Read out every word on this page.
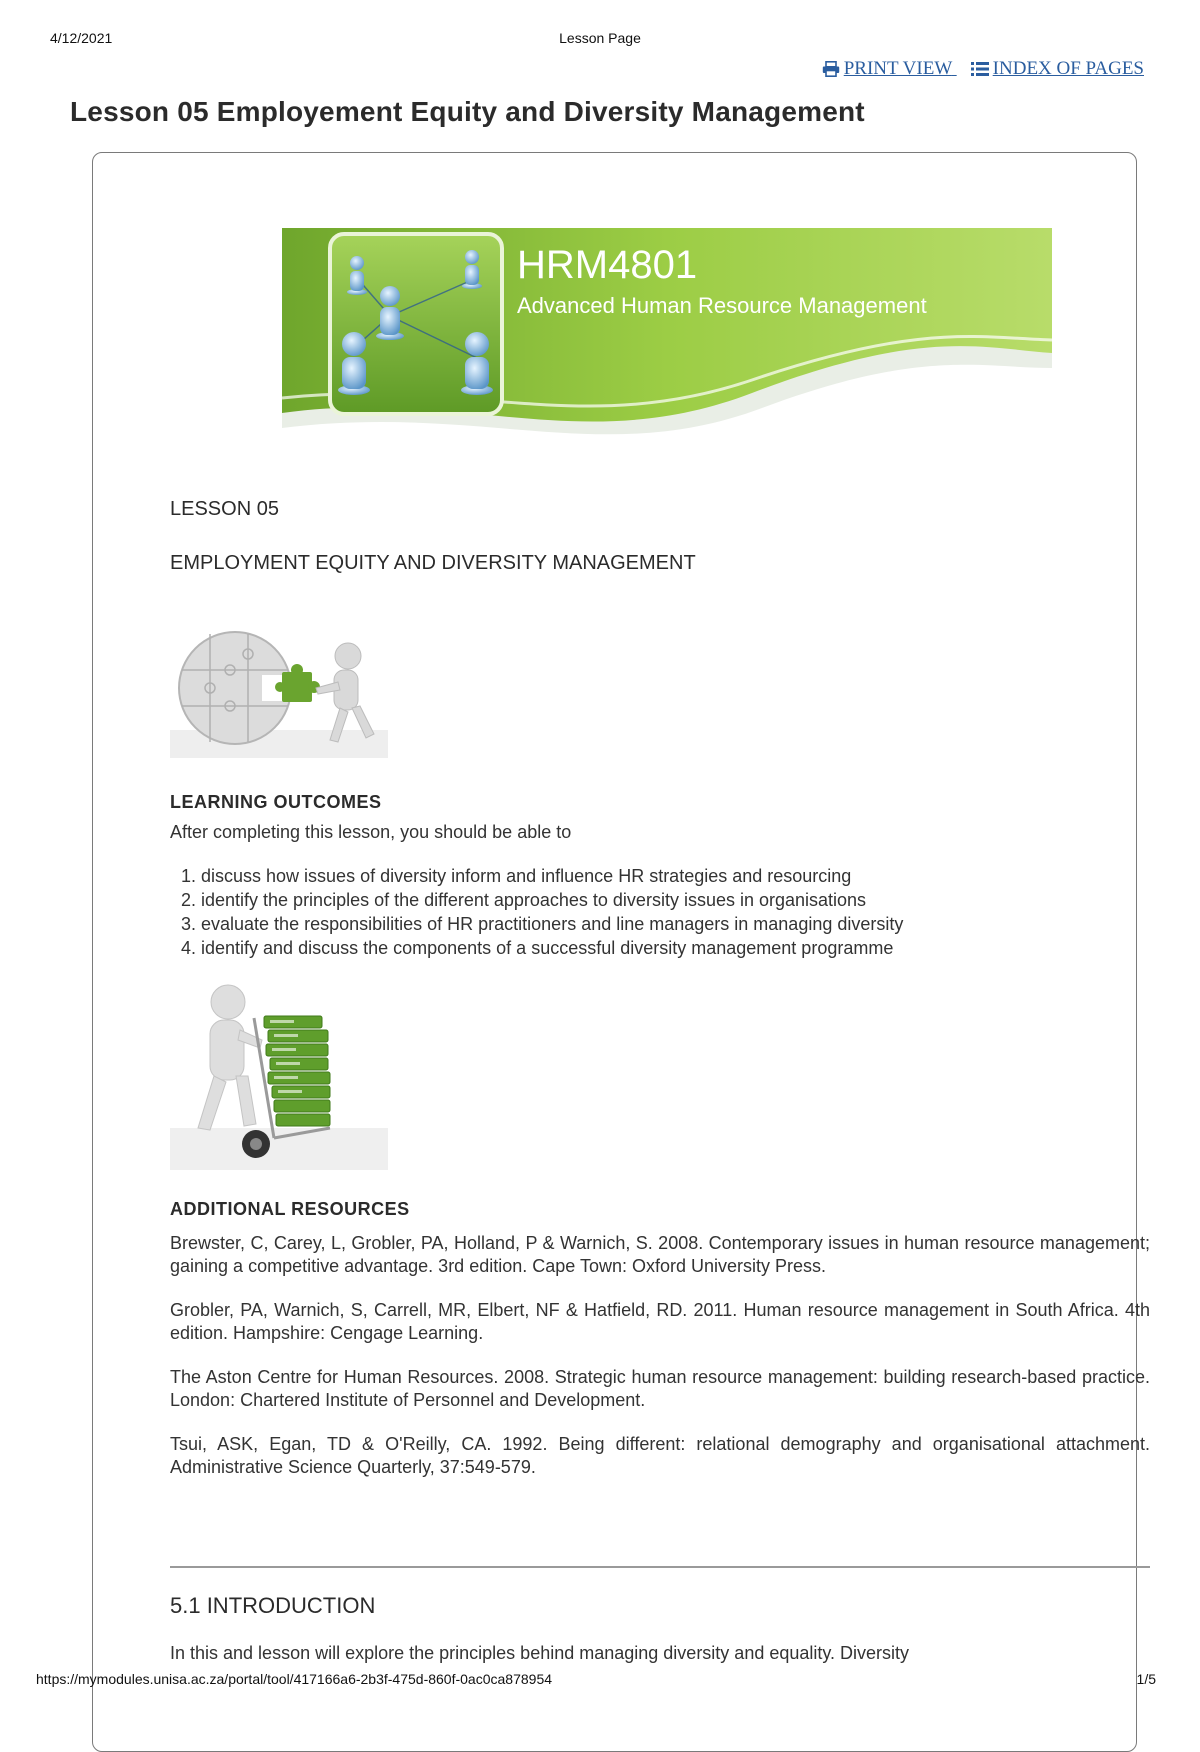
4/12/2021	Lesson Page
PRINT VIEW INDEX OF PAGES
Lesson 05 Employement Equity and Diversity Management
HRM4801
Advanced Human Resource Management
LESSON 05
EMPLOYMENT EQUITY AND DIVERSITY MANAGEMENT
LEARNING OUTCOMES

After completing this lesson, you should be able to

1. discuss how issues of diversity inform and influence HR strategies and resourcing
2. identify the principles of the different approaches to diversity issues in organisations
3. evaluate the responsibilities of HR practitioners and line managers in managing diversity
4. identify and discuss the components of a successful diversity management programme
ADDITIONAL RESOURCES

Brewster, C, Carey, L, Grobler, PA, Holland, P & Warnich, S. 2008. Contemporary issues in human resource management; gaining a competitive advantage. 3rd edition. Cape Town: Oxford University Press.

Grobler, PA, Warnich, S, Carrell, MR, Elbert, NF & Hatfield, RD. 2011. Human resource management in South Africa. 4th edition. Hampshire: Cengage Learning.

The Aston Centre for Human Resources. 2008. Strategic human resource management: building research-based practice. London: Chartered Institute of Personnel and Development.

Tsui, ASK, Egan, TD & O'Reilly, CA. 1992. Being different: relational demography and organisational attachment. Administrative Science Quarterly, 37:549-579.

5.1 INTRODUCTION
In this and lesson will explore the principles behind managing diversity and equality. Diversity
https://mymodules.unisa.ac.za/portal/tool/417166a6-2b3f-475d-860f-0ac0ca878954	1/5
